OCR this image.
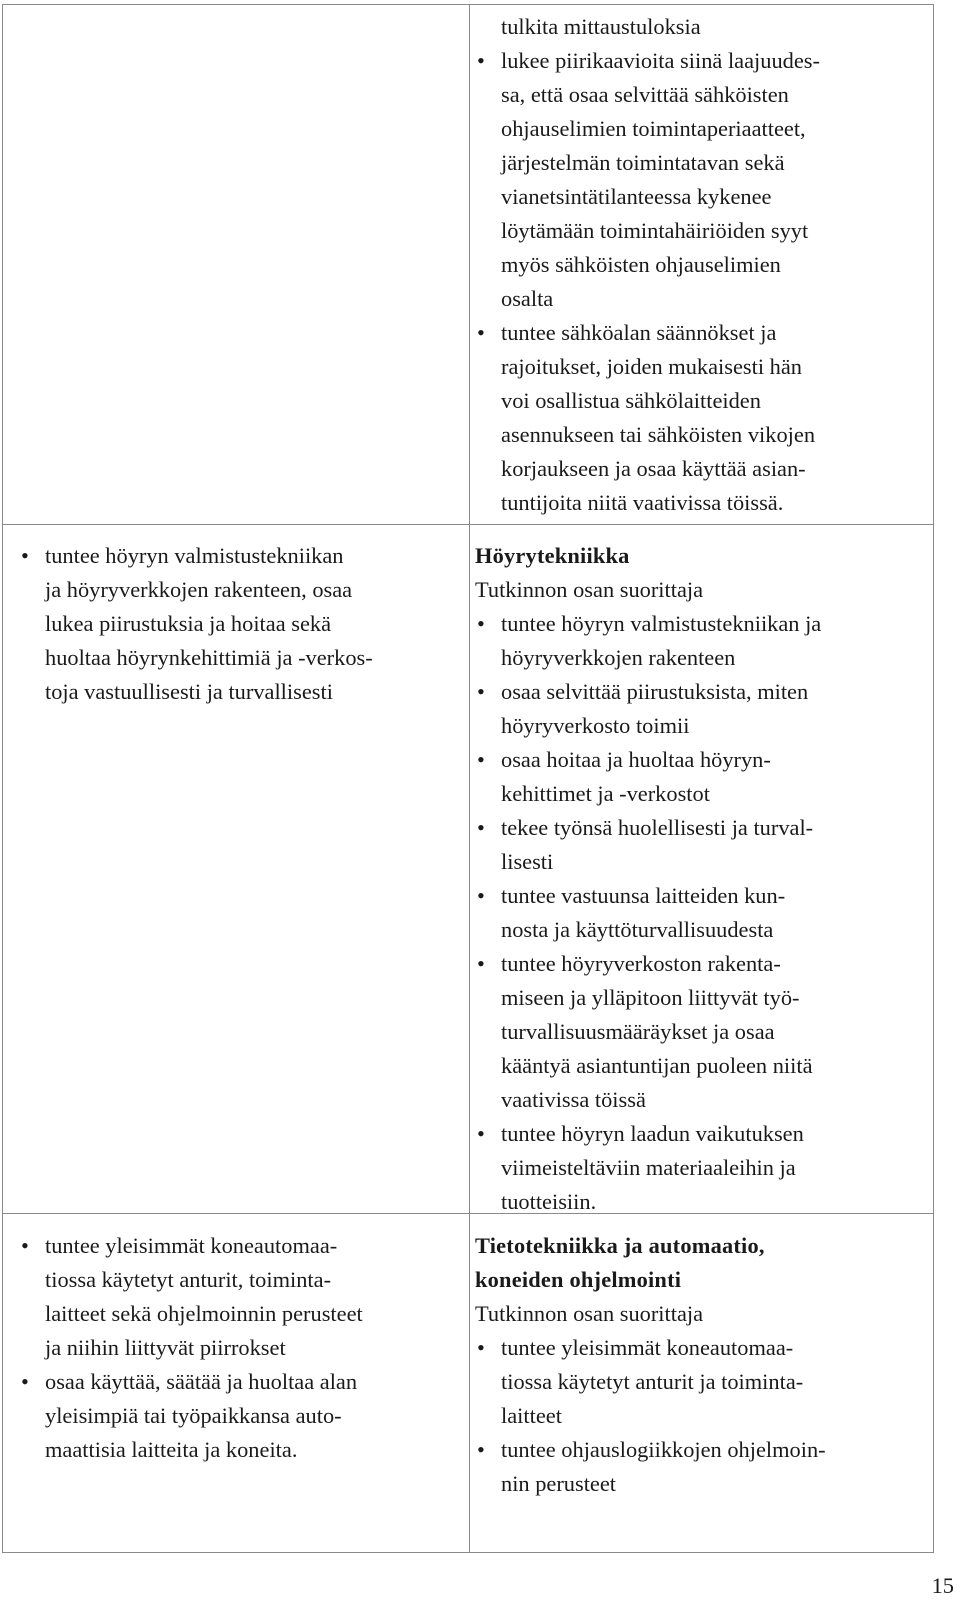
tulkita mittaustuloksia
• lukee piirikaavioita siinä laajuudes-
sa, että osaa selvittää sähköisten
ohjauselimien toimintaperiaatteet,
järjestelmän toimintatavan sekä
vianetsintätilanteessa kykenee
löytämään toimintahäiriöiden syyt
myös sähköisten ohjauselimien
osalta
• tuntee sähköalan säännökset ja
rajoitukset, joiden mukaisesti hän
voi osallistua sähkölaitteiden
asennukseen tai sähköisten vikojen
korjaukseen ja osaa käyttää asian-
tuntijoita niitä vaativissa töissä.
• tuntee höyryn valmistustekniikan
ja höyryverkkojen rakenteen, osaa
lukea piirustuksia ja hoitaa sekä
huoltaa höyrynkehittimiä ja -verkos-
toja vastuullisesti ja turvallisesti
Höyrytekniikka
Tutkinnon osan suorittaja
• tuntee höyryn valmistustekniikan ja
höyryverkkojen rakenteen
• osaa selvittää piirustuksista, miten
höyryverkosto toimii
• osaa hoitaa ja huoltaa höyryn-
kehittimet ja -verkostot
• tekee työnsä huolellisesti ja turval-
lisesti
• tuntee vastuunsa laitteiden kun-
nosta ja käyttöturvallisuudesta
• tuntee höyryverkoston rakenta-
miseen ja ylläpitoon liittyvät työ-
turvallisuusmääräykset ja osaa
kääntyä asiantuntijan puoleen niitä
vaativissa töissä
• tuntee höyryn laadun vaikutuksen
viimeisteltäviin materiaaleihin ja
tuotteisiin.
• tuntee yleisimmät koneautomaa-
tiossa käytetyt anturit, toiminta-
laitteet sekä ohjelmoinnin perusteet
ja niihin liittyvät piirrokset
• osaa käyttää, säätää ja huoltaa alan
yleisimpiä tai työpaikkansa auto-
maattisia laitteita ja koneita.
Tietotekniikka ja automaatio,
koneiden ohjelmointi
Tutkinnon osan suorittaja
• tuntee yleisimmät koneautomaa-
tiossa käytetyt anturit ja toiminta-
laitteet
• tuntee ohjauslogiikkojen ohjelmoin-
nin perusteet
15
